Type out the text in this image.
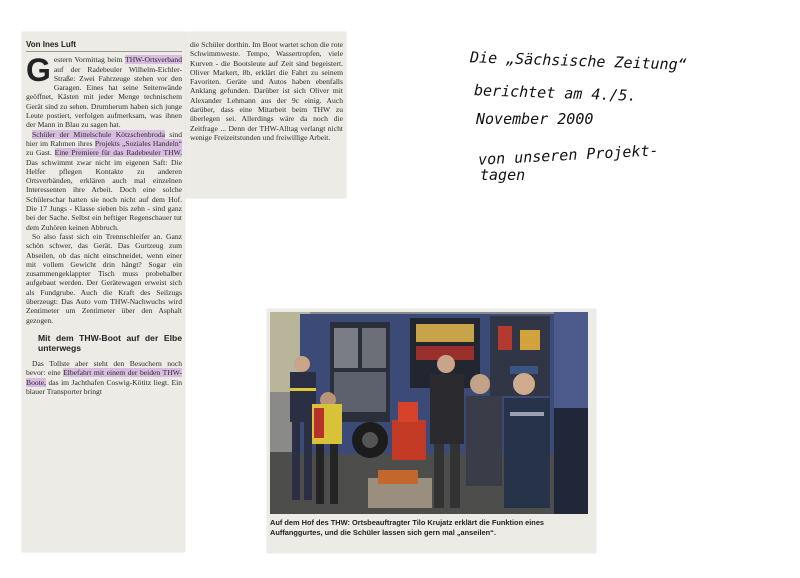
Von Ines Luft

Gestern Vormittag beim THW-Ortsverband auf der Radebeuler Wilhelm-Eichler-Straße: Zwei Fahrzeuge stehen vor den Garagen. Eines hat seine Seitenwände geöffnet, Kästen mit jeder Menge technischem Gerät sind zu sehen. Drumherum haben sich junge Leute postiert, verfolgen aufmerksam, was ihnen der Mann in Blau zu sagen hat.

Schüler der Mittelschule Kötzschenbroda sind hier im Rahmen ihres Projekts „Soziales Handeln“ zu Gast. Eine Premiere für das Radebeuler THW. Das schwimmt zwar nicht im eigenen Saft: Die Helfer pflegen Kontakte zu anderen Ortsverbänden, erklären auch mal einzelnen Interessenten ihre Arbeit. Doch eine solche Schülerschar hatten sie noch nicht auf dem Hof. Die 17 Jungs - Klasse sieben bis zehn - sind ganz bei der Sache. Selbst ein heftiger Regenschauer tut dem Zuhören keinen Abbruch.

So also fasst sich ein Trennschleifer an. Ganz schön schwer, das Gerät. Das Gurtzeug zum Abseilen, ob das nicht einschneidet, wenn einer mit vollem Gewicht drin hängt? Sogar ein zusammengeklappter Tisch muss probehalber aufgebaut werden. Der Gerätewagen erweist sich als Fundgrube. Auch die Kraft des Seilzugs überzeugt: Das Auto vom THW-Nachwuchs wird Zentimeter um Zentimeter über den Asphalt gezogen.

Mit dem THW-Boot auf der Elbe unterwegs

Das Tollste aber steht den Besuchern noch bevor: eine Elbefahrt mit einem der beiden THW-Boote, das im Jachthafen Coswig-Kötitz liegt. Ein blauer Transporter bringt

die Schüler dorthin. Im Boot wartet schon die rote Schwimmweste. Tempo, Wassertropfen, viele Kurven - die Bootsleute auf Zeit sind begeistert. Oliver Markert, 8b, erklärt die Fahrt zu seinem Favoriten. Geräte und Autos haben ebenfalls Anklang gefunden. Darüber ist sich Oliver mit Alexander Lehmann aus der 9c einig. Auch darüber, dass eine Mitarbeit beim THW zu überlegen sei. Allerdings wäre da noch die Zeitfrage ... Denn der THW-Alltag verlangt nicht wenige Freizeitstunden und freiwillige Arbeit.

Die „Sächsische Zeitung“
berichtet am 4./5.
November 2000
von unseren Projekt-
tagen
Auf dem Hof des THW: Ortsbeauftragter Tilo Krujatz erklärt die Funktion eines Auffanggurtes, und die Schüler lassen sich gern mal „anseilen“.
